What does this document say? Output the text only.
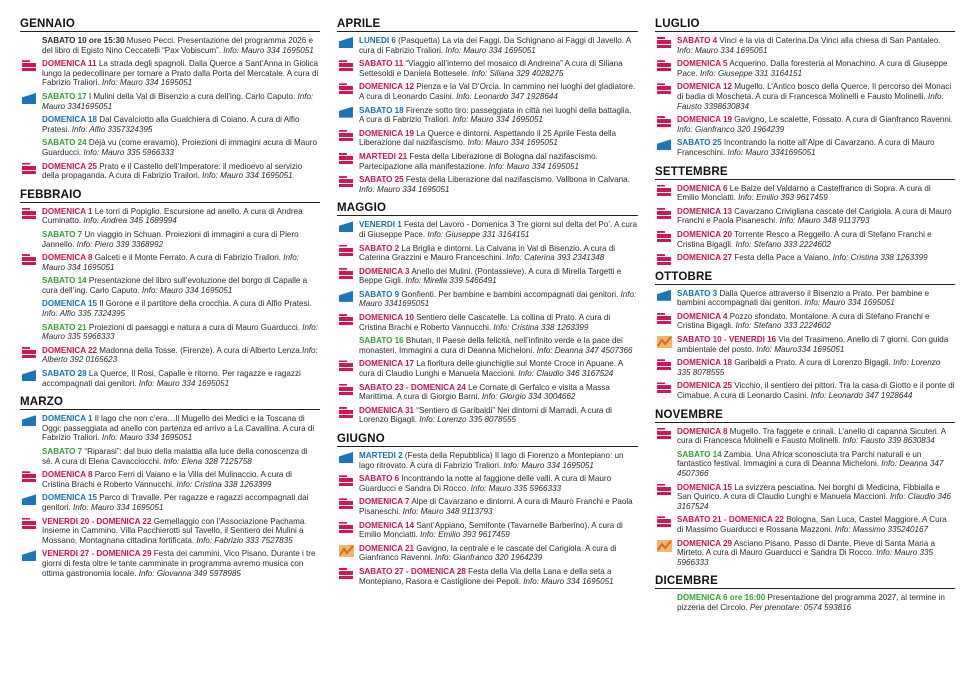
GENNAIO
SABATO 10 ore 15:30 Museo Pecci. Presentazione del programma 2026 e del libro di Egisto Nino Ceccatelli “Pax Vobiscum”. Info: Mauro 334 1695051
DOMENICA 11 La strada degli spagnoli. Dalla Querce a Sant’Anna in Giolica lungo la pedecollinare per tornare a Prato dalla Porta del Mercatale. A cura di Fabrizio Traliori. Info: Mauro 334 1695051
SABATO 17 I Mulini della Val di Bisenzio a cura dell’ing. Carlo Caputo. Info: Mauro 3341695051
DOMENICA 18 Dal Cavalciotto alla Gualchiera di Coiano. A cura di Alfio Pratesi. Info: Alfio 3357324395
SABATO 24 Déjà vu (come eravamo). Proiezioni di immagini acura di Mauro Guarducci. Info: Mauro 335 5966333
DOMENICA 25 Prato e il Castello dell’Imperatore: il medioevo al servizio della propaganda. A cura di Fabrizio Trailori. Info: Mauro 334 1695051
FEBBRAIO
DOMENICA 1 Le torri di Popiglio. Escursione ad anello. A cura di Andrea Cuminatto. Info: Andrea 345 1689994
SABATO 7 Un viaggio in Schuan. Proiezioni di immagini a cura di Piero Jannello. Info: Piero 339 3368992
DOMENICA 8 Galceti e il Monte Ferrato. A cura di Fabrizio Trailori. Info: Mauro 334 1695051
SABATO 14 Presentazione del libro sull’evoluzione del borgo di Capalle a cura dell’ing. Carlo Caputo. Info: Mauro 334 1695051
DOMENICA 15 Il Gorone e il partitore della crocchia. A cura di Alfio Pratesi. Info: Alfio 335 7324395
SABATO 21 Proiezioni di paesaggi e natura a cura di Mauro Guarducci. Info: Mauro 335 5966333
DOMENICA 22 Madonna della Tosse. (Firenze). A cura di Alberto Lenza.Info: Alberto 392 0165623
SABATO 28 La Querce, Il Rosi, Capalle e ritorno. Per ragazze e ragazzi accompagnati dai genitori. Info: Mauro 334 1695051
MARZO
DOMENICA 1 Il lago che non c’era…Il Mugello dei Medici e la Toscana di Oggi: passeggiata ad anello con partenza ed arrivo a La Cavallina. A cura di Fabrizio Traliori. Info: Mauro 334 1695051
SABATO 7 “Riparasi”: dal buio della malattia alla luce della conoscenza di sé. A cura di Elena Cavacciocchi. Info: Elena 328 7125758
DOMENICA 8 Parco Ferri di Vaiano e la Villa del Mulinaccio. A cura di Cristina Brachi e Roberto Vannucchi. Info: Cristina 338 1263399
DOMENICA 15 Parco di Travalle. Per ragazze e ragazzi accompagnati dai genitori. Info: Mauro 334 1695051
VENERDI 20 - DOMENICA 22 Gemellaggio con l’Associazione Pachama. Insieme in Cammino. Villa Pacchierotti sul Tavello, il Sentiero dei Mulini a Mossano, Montagnana cittadina fortificata. Info: Fabrizio 333 7527835
VENERDI 27 - DOMENICA 29 Festa dei cammini. Vico Pisano. Durante i tre giorni di festa oltre le tante camminate in programma avremo musica con ottima gastronomia locale. Info: Giovanna 349 5978985
APRILE
LUNEDI 6 (Pasquetta) La via dei Faggi. Da Schignano ai Faggi di Javello. A cura di Fabrizio Traliori. Info: Mauro 334 1695051
SABATO 11 “Viaggio all’interno del mosaico di Andreina” A cura di Siliana Settesoldi e Daniela Bottesele. Info: Siliana 329 4028275
DOMENICA 12 Pienza e la Val D’Orcia. In cammino nei luoghi del gladiatore. A cura di Leonardo Casini. Info: Leonardo 347 1928644
SABATO 18 Firenze sotto tiro: passeggiata in città nei luoghi della battaglia. A cura di Fabrizio Traliori. Info: Mauro 334 1695051
DOMENICA 19 La Querce e dintorni. Aspettando il 25 Aprile Festa della Liberazione dal nazifascismo. Info: Mauro 334 1695051
MARTEDI 21 Festa della Liberazione di Bologna dal nazifascismo. Partecipazione alla manifestazione. Info: Mauro 334 1695051
SABATO 25 Festa della Liberazione dal nazifascismo. Vallbona in Calvana. Info: Mauro 334 1695051
MAGGIO
VENERDI 1 Festa del Lavoro - Domenica 3 Tre giorni sul delta del Po’. A cura di Giuseppe Pace. Info: Giuseppe 331 3164151
SABATO 2 La Briglia e dintorni. La Calvana in Val di Bisenzio. A cura di Caterina Grazzini e Mauro Franceschini. Info: Caterina 393 2341348
DOMENICA 3 Anello dei Mulini. (Pontassieve). A cura di Mirella Targetti e Beppe Gigli. Info: Mirella 339 5466491
SABATO 9 Gonfienti. Per bambine e bambini accompagnati dai genitori. Info: Mauro 3341695051
DOMENICA 10 Sentiero delle Cascatelle. La collina di Prato. A cura di Cristina Brachi e Roberto Vannucchi. Info: Cristina 338 1263399
SABATO 16 Bhutan, Il Paese della felicità, nell’infinito verde e la pace dei monasteri. Immagini a cura di Deanna Micheloni. Info: Deanna 347 4507366
DOMENICA 17 La fioritura delle giunchiglie sul Monte Croce in Apuane. A cura di Claudio Lunghi e Manuela Maccioni. Info: Claudio 346 3167524
SABATO 23 - DOMENICA 24 Le Cornate di Gerfalco e visita a Massa Marittima. A cura di Giorgio Barni. Info: Giorgio 334 3004662
DOMENICA 31 “Sentiero di Garibaldi” Nei dintorni di Marradi. A cura di Lorenzo Bigagli. Info: Lorenzo 335 8078555
GIUGNO
MARTEDI 2 (Festa della Repubblica) Il lago di Fiorenzo a Montepiano: un lago ritrovato. A cura di Fabrizio Traliori. Info: Mauro 334 1695051
SABATO 6 Incontrando la notte al faggione delle valli. A cura di Mauro Guarducci e Sandra Di Rocco. Info: Mauro 335 5966333
DOMENICA 7 Alpe di Cavarzano e dintorni. A cura di Mauro Franchi e Paola Pisaneschi. Info: Mauro 348 9113793
DOMENICA 14 Sant’Appiano, Semifonte (Tavarnelle Barberino). A cura di Emilio Monciatti. Info: Emilio 393 9617459
DOMENICA 21 Gavigno, la centrale e le cascate del Carigiola. A cura di Gianfranco Ravenni. Info: Gianfranco 320 1964239
SABATO 27 - DOMENICA 28 Festa della Via della Lana e della seta a Montepiano, Rasora e Castiglione dei Pepoli. Info: Mauro 334 1695051
LUGLIO
SABATO 4 Vinci e la via di Caterina.Da Vinci alla chiesa di San Pantaleo. Info: Mauro 334 1695051
DOMENICA 5 Acquerino. Dalla foresteria al Monachino. A cura di Giuseppe Pace. Info: Giuseppe 331 3164151
DOMENICA 12 Mugello. L’Antico bosco della Querce. Il percorso dei Monaci di badia di Moscheta. A cura di Francesca Molinelli e Fausto Molinelli. Info: Fausto 3398630834
DOMENICA 19 Gavigno, Le scalette, Fossato. A cura di Gianfranco Ravenni. Info: Gianfranco 320 1964239
SABATO 25 Incontrando la notte all’Alpe di Cavarzano. A cura di Mauro Franceschini. Info: Mauro 3341695051
SETTEMBRE
DOMENICA 6 Le Balze del Valdarno a Castelfranco di Sopra. A cura di Emilio Monciatti. Info: Emilio 393 9617459
DOMENICA 13 Cavarzano Crivigliana cascate del Carigiola. A cura di Mauro Franchi e Paola Pisaneschi. Info: Mauro 348 9113793
DOMENICA 20 Torrente Resco a Reggello. A cura di Stefano Franchi e Cristina Bigagli. Info: Stefano 333 2224602
DOMENICA 27 Festa della Pace a Vaiano. Info: Cristina 338 1263399
OTTOBRE
SABATO 3 Dalla Querce attraverso il Bisenzio a Prato. Per bambine e bambini accompagnati dai genitori. Info: Mauro 334 1695051
DOMENICA 4 Pozzo sfondato. Montalone. A cura di Stefano Franchi e Cristina Bigagli. Info: Stefano 333 2224602
SABATO 10 - VENERDI 16 Via del Trasimeno. Anello di 7 giorni. Con guida ambientale del posto. Info: Mauro334 1695051
DOMENICA 18 Garibaldi a Prato. A cura di Lorenzo Bigagli. Info: Lorenzo 335 8078555
DOMENICA 25 Vicchio, il sentiero dei pittori. Tra la casa di Giotto e il ponte di Cimabue. A cura di Leonardo Casini. Info: Leonardo 347 1928644
NOVEMBRE
DOMENICA 8 Mugello. Tra faggete e crinali. L’anello di capanna Sicuteri. A cura di Francesca Molinelli e Fausto Molinelli. Info: Fausto 339 8630834
SABATO 14 Zambia. Una Africa sconosciuta tra Parchi naturali e un fantastico festival. Immagini a cura di Deanna Micheloni. Info: Deanna 347 4507366
DOMENICA 15 La svizzera pesciatina. Nei borghi di Medicina, Fibbialla e San Quirico. A cura di Claudio Lunghi e Manuela Maccioni. Info: Claudio 346 3167524
SABATO 21 - DOMENICA 22 Bologna, San Luca, Castel Maggiore. A Cura di Massimo Guarducci e Rossana Mazzoni. Info: Massimo 335240167
DOMENICA 29 Asciano Pisano. Passo di Dante, Pieve di Santa Maria a Mirteto. A cura di Mauro Guarducci e Sandra Di Rocco. Info: Mauro 335 5966333
DICEMBRE
DOMENICA 6 ore 16:00 Presentazione del programma 2027, al termine in pizzeria del Circolo. Per prenotare: 0574 593816
